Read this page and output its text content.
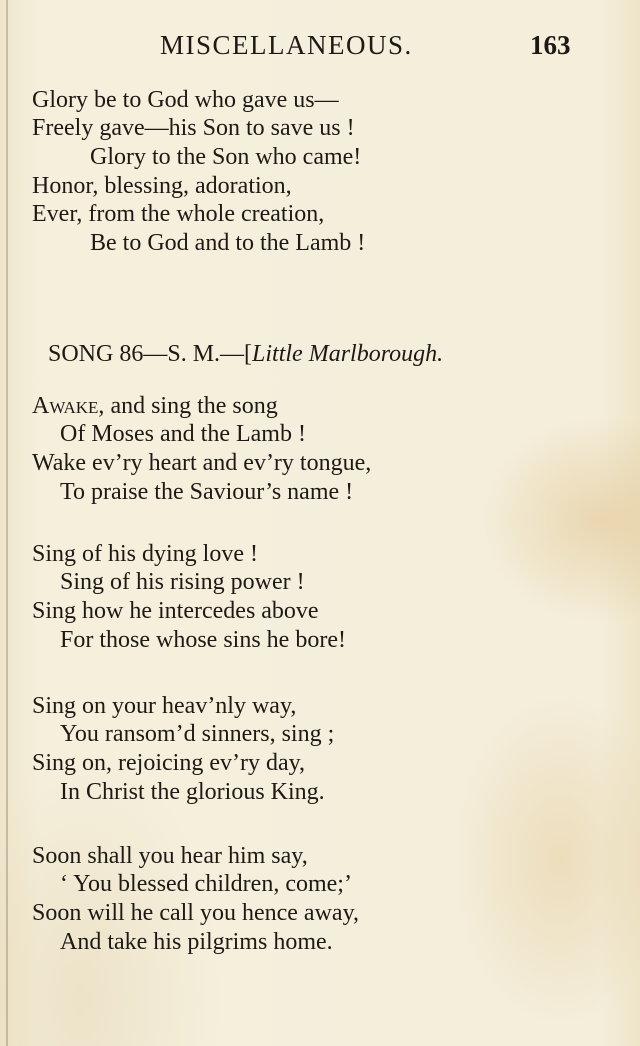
MISCELLANEOUS.	163
Glory be to God who gave us—
Freely gave—his Son to save us !
Glory to the Son who came!
Honor, blessing, adoration,
Ever, from the whole creation,
Be to God and to the Lamb !
SONG 86—S. M.—[Little Marlborough.
Awake, and sing the song
Of Moses and the Lamb !
Wake ev’ry heart and ev’ry tongue,
To praise the Saviour’s name !
Sing of his dying love !
Sing of his rising power !
Sing how he intercedes above
For those whose sins he bore!
Sing on your heav’nly way,
You ransom’d sinners, sing ;
Sing on, rejoicing ev’ry day,
In Christ the glorious King.
Soon shall you hear him say,
‘ You blessed children, come;’
Soon will he call you hence away,
And take his pilgrims home.
